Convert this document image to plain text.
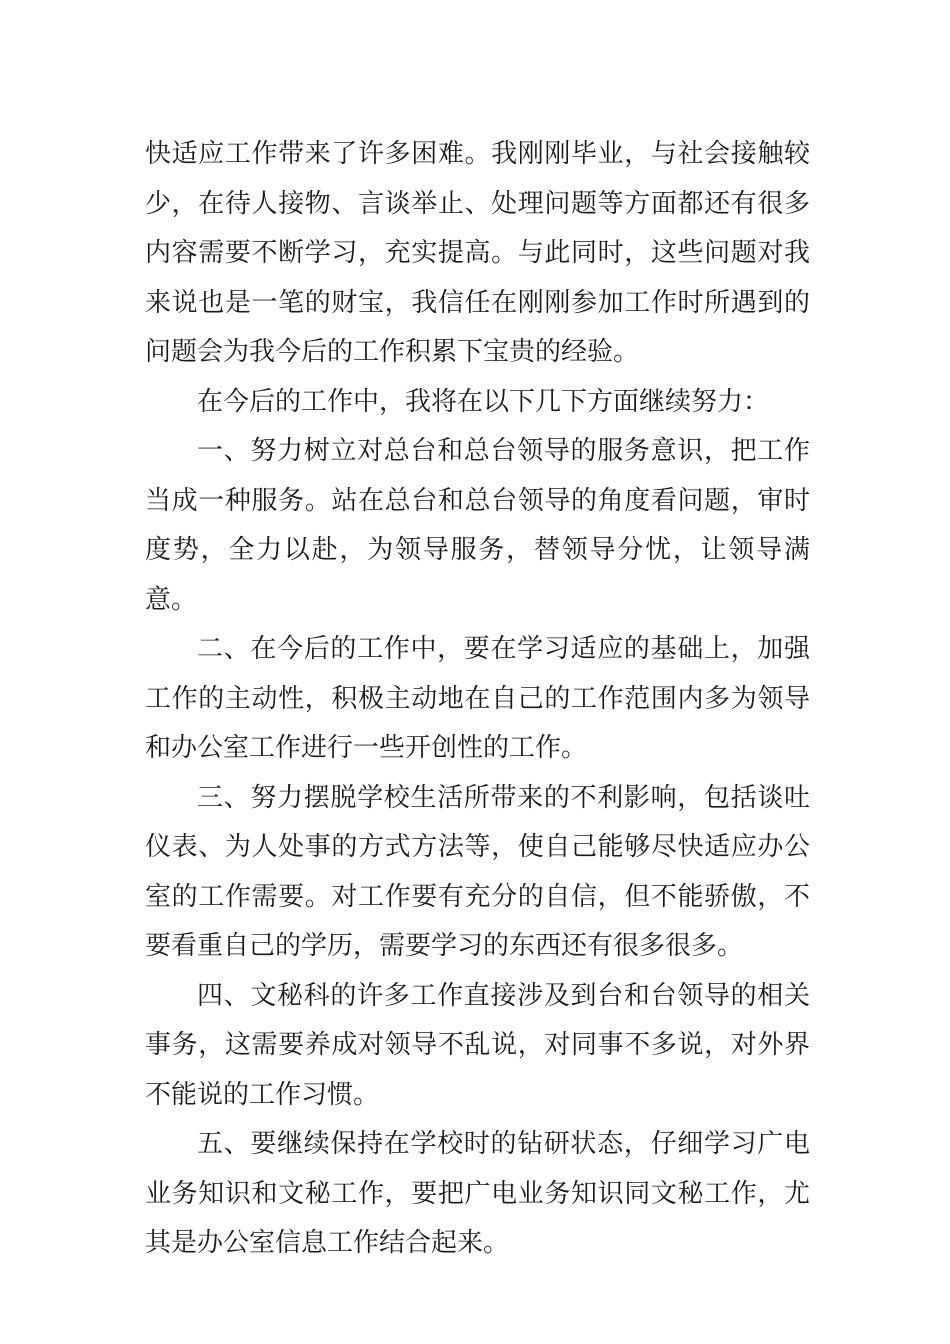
快适应工作带来了许多困难。我刚刚毕业，与社会接触较少，在待人接物、言谈举止、处理问题等方面都还有很多内容需要不断学习，充实提高。与此同时，这些问题对我来说也是一笔的财宝，我信任在刚刚参加工作时所遇到的问题会为我今后的工作积累下宝贵的经验。

在今后的工作中，我将在以下几下方面继续努力：

一、努力树立对总台和总台领导的服务意识，把工作当成一种服务。站在总台和总台领导的角度看问题，审时度势，全力以赴，为领导服务，替领导分忧，让领导满意。

二、在今后的工作中，要在学习适应的基础上，加强工作的主动性，积极主动地在自己的工作范围内多为领导和办公室工作进行一些开创性的工作。

三、努力摆脱学校生活所带来的不利影响，包括谈吐仪表、为人处事的方式方法等，使自己能够尽快适应办公室的工作需要。对工作要有充分的自信，但不能骄傲，不要看重自己的学历，需要学习的东西还有很多很多。

四、文秘科的许多工作直接涉及到台和台领导的相关事务，这需要养成对领导不乱说，对同事不多说，对外界不能说的工作习惯。

五、要继续保持在学校时的钻研状态，仔细学习广电业务知识和文秘工作，要把广电业务知识同文秘工作，尤其是办公室信息工作结合起来。
